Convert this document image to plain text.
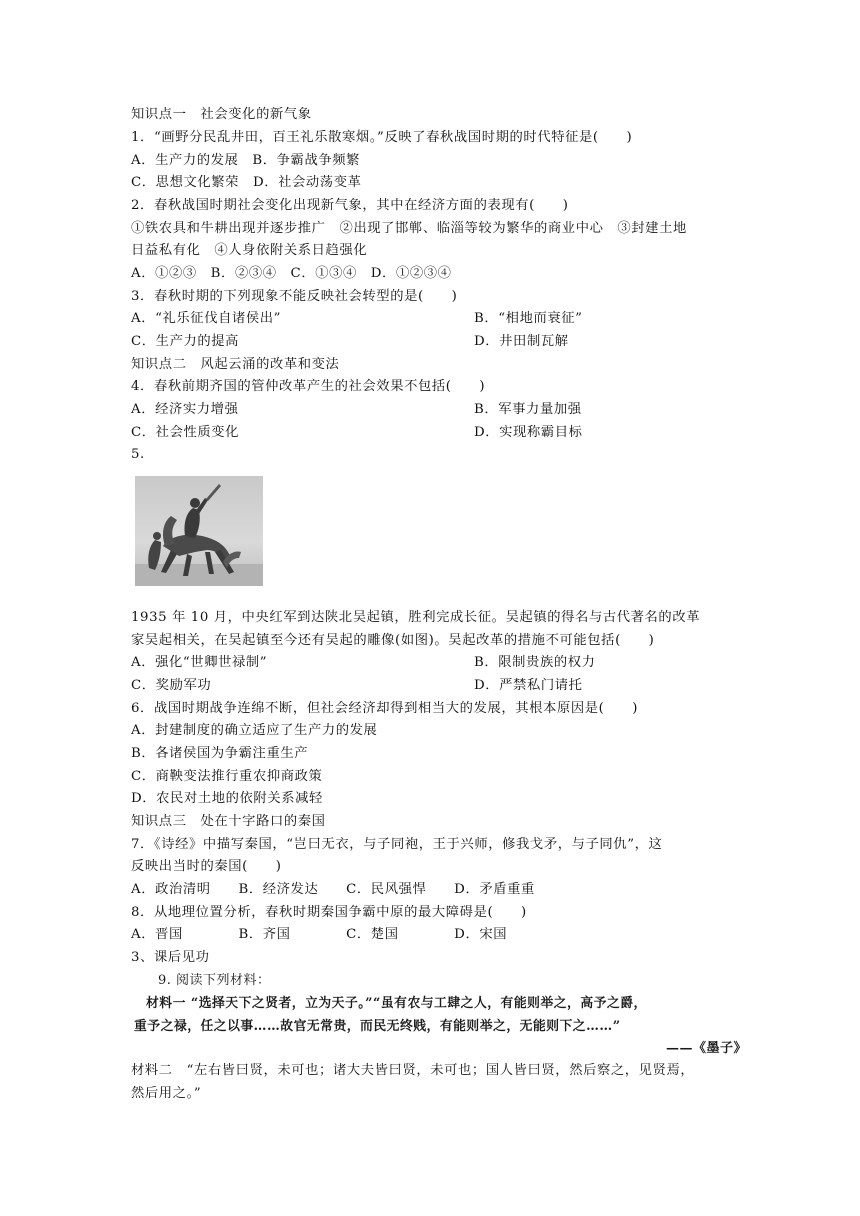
知识点一　社会变化的新气象
1．“画野分民乱井田，百王礼乐散寒烟。”反映了春秋战国时期的时代特征是(　　)
A．生产力的发展　B．争霸战争频繁
C．思想文化繁荣　D．社会动荡变革
2．春秋战国时期社会变化出现新气象，其中在经济方面的表现有(　　)
①铁农具和牛耕出现并逐步推广　②出现了邯郸、临淄等较为繁华的商业中心　③封建土地
日益私有化　④人身依附关系日趋强化
A．①②③　B．②③④　C．①③④　D．①②③④
3．春秋时期的下列现象不能反映社会转型的是(　　)
A．“礼乐征伐自诸侯出”	B．“相地而衰征”
C．生产力的提高	D．井田制瓦解
知识点二　风起云涌的改革和变法
4．春秋前期齐国的管仲改革产生的社会效果不包括(　　)
A．经济实力增强	B．军事力量加强
C．社会性质变化	D．实现称霸目标
5.
1935 年 10 月，中央红军到达陕北吴起镇，胜利完成长征。吴起镇的得名与古代著名的改革
家吴起相关，在吴起镇至今还有吴起的雕像(如图)。吴起改革的措施不可能包括(　　)
A．强化“世卿世禄制”	B．限制贵族的权力
C．奖励军功	D．严禁私门请托
6．战国时期战争连绵不断，但社会经济却得到相当大的发展，其根本原因是(　　)
A．封建制度的确立适应了生产力的发展
B．各诸侯国为争霸注重生产
C．商鞅变法推行重农抑商政策
D．农民对土地的依附关系减轻
知识点三　处在十字路口的秦国
7．《诗经》中描写秦国，“岂曰无衣，与子同袍，王于兴师，修我戈矛，与子同仇”，这
反映出当时的秦国(　　)
A．政治清明　　B．经济发达　　C．民风强悍　　D．矛盾重重
8．从地理位置分析，春秋时期秦国争霸中原的最大障碍是(　　)
A．晋国　　　　B．齐国　　　　C．楚国　　　　D．宋国
3、课后见功
9. 阅读下列材料：
材料一 “选择天下之贤者，立为天子。”“虽有农与工肆之人，有能则举之，高予之爵，
重予之禄，任之以事……故官无常贵，而民无终贱，有能则举之，无能则下之……”
——《墨子》
材料二　“左右皆曰贤，未可也；诸大夫皆曰贤，未可也；国人皆曰贤，然后察之，见贤焉，
然后用之。”
